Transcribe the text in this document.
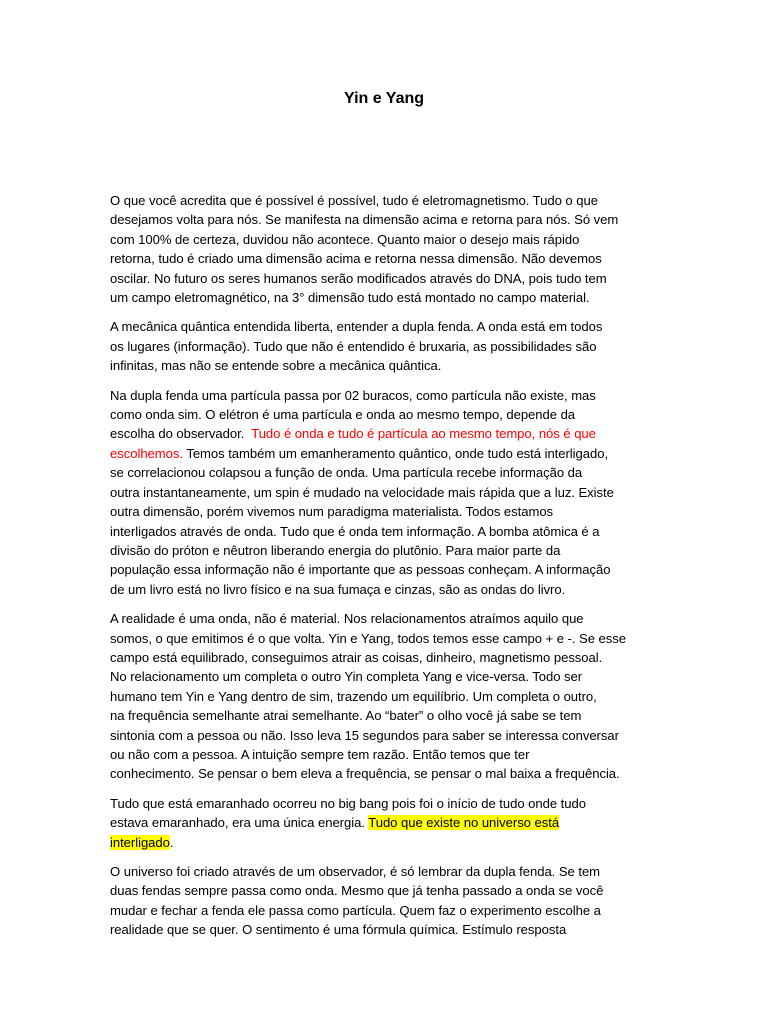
Yin e Yang

O que você acredita que é possível é possível, tudo é eletromagnetismo. Tudo o que
desejamos volta para nós. Se manifesta na dimensão acima e retorna para nós. Só vem
com 100% de certeza, duvidou não acontece. Quanto maior o desejo mais rápido
retorna, tudo é criado uma dimensão acima e retorna nessa dimensão. Não devemos
oscilar. No futuro os seres humanos serão modificados através do DNA, pois tudo tem
um campo eletromagnético, na 3° dimensão tudo está montado no campo material.

A mecânica quântica entendida liberta, entender a dupla fenda. A onda está em todos
os lugares (informação). Tudo que não é entendido é bruxaria, as possibilidades são
infinitas, mas não se entende sobre a mecânica quântica.

Na dupla fenda uma partícula passa por 02 buracos, como partícula não existe, mas
como onda sim. O elétron é uma partícula e onda ao mesmo tempo, depende da
escolha do observador.  Tudo é onda e tudo é partícula ao mesmo tempo, nós é que
escolhemos. Temos também um emanheramento quântico, onde tudo está interligado,
se correlacionou colapsou a função de onda. Uma partícula recebe informação da
outra instantaneamente, um spin é mudado na velocidade mais rápida que a luz. Existe
outra dimensão, porém vivemos num paradigma materialista. Todos estamos
interligados através de onda. Tudo que é onda tem informação. A bomba atômica é a
divisão do próton e nêutron liberando energia do plutônio. Para maior parte da
população essa informação não é importante que as pessoas conheçam. A informação
de um livro está no livro físico e na sua fumaça e cinzas, são as ondas do livro.

A realidade é uma onda, não é material. Nos relacionamentos atraímos aquilo que
somos, o que emitimos é o que volta. Yin e Yang, todos temos esse campo + e -. Se esse
campo está equilibrado, conseguimos atrair as coisas, dinheiro, magnetismo pessoal.
No relacionamento um completa o outro Yin completa Yang e vice-versa. Todo ser
humano tem Yin e Yang dentro de sim, trazendo um equilíbrio. Um completa o outro,
na frequência semelhante atrai semelhante. Ao “bater” o olho você já sabe se tem
sintonia com a pessoa ou não. Isso leva 15 segundos para saber se interessa conversar
ou não com a pessoa. A intuição sempre tem razão. Então temos que ter
conhecimento. Se pensar o bem eleva a frequência, se pensar o mal baixa a frequência.

Tudo que está emaranhado ocorreu no big bang pois foi o início de tudo onde tudo
estava emaranhado, era uma única energia. Tudo que existe no universo está
interligado.

O universo foi criado através de um observador, é só lembrar da dupla fenda. Se tem
duas fendas sempre passa como onda. Mesmo que já tenha passado a onda se você
mudar e fechar a fenda ele passa como partícula. Quem faz o experimento escolhe a
realidade que se quer. O sentimento é uma fórmula química. Estímulo resposta
